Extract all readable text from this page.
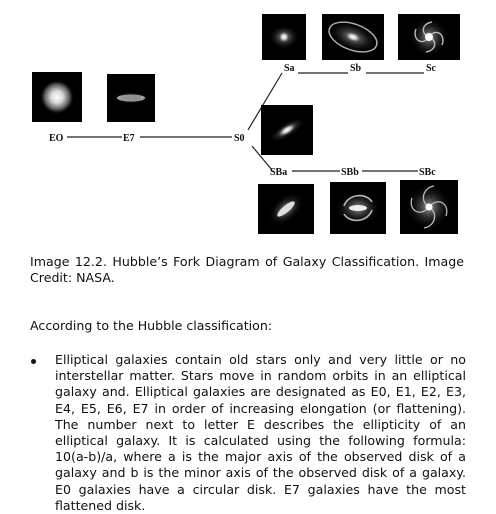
EO	E7	S0
Sa	Sb	Sc
SBa	SBb	SBc

Image 12.2. Hubble’s Fork Diagram of Galaxy Classification. Image Credit: NASA.

According to the Hubble classification:

Elliptical galaxies contain old stars only and very little or no interstellar matter. Stars move in random orbits in an elliptical galaxy and. Elliptical galaxies are designated as E0, E1, E2, E3, E4, E5, E6, E7 in order of increasing elongation (or flattening). The number next to letter E describes the ellipticity of an elliptical galaxy. It is calculated using the following formula: 10(a-b)/a, where a is the major axis of the observed disk of a galaxy and b is the minor axis of the observed disk of a galaxy. E0 galaxies have a circular disk. E7 galaxies have the most flattened disk.
